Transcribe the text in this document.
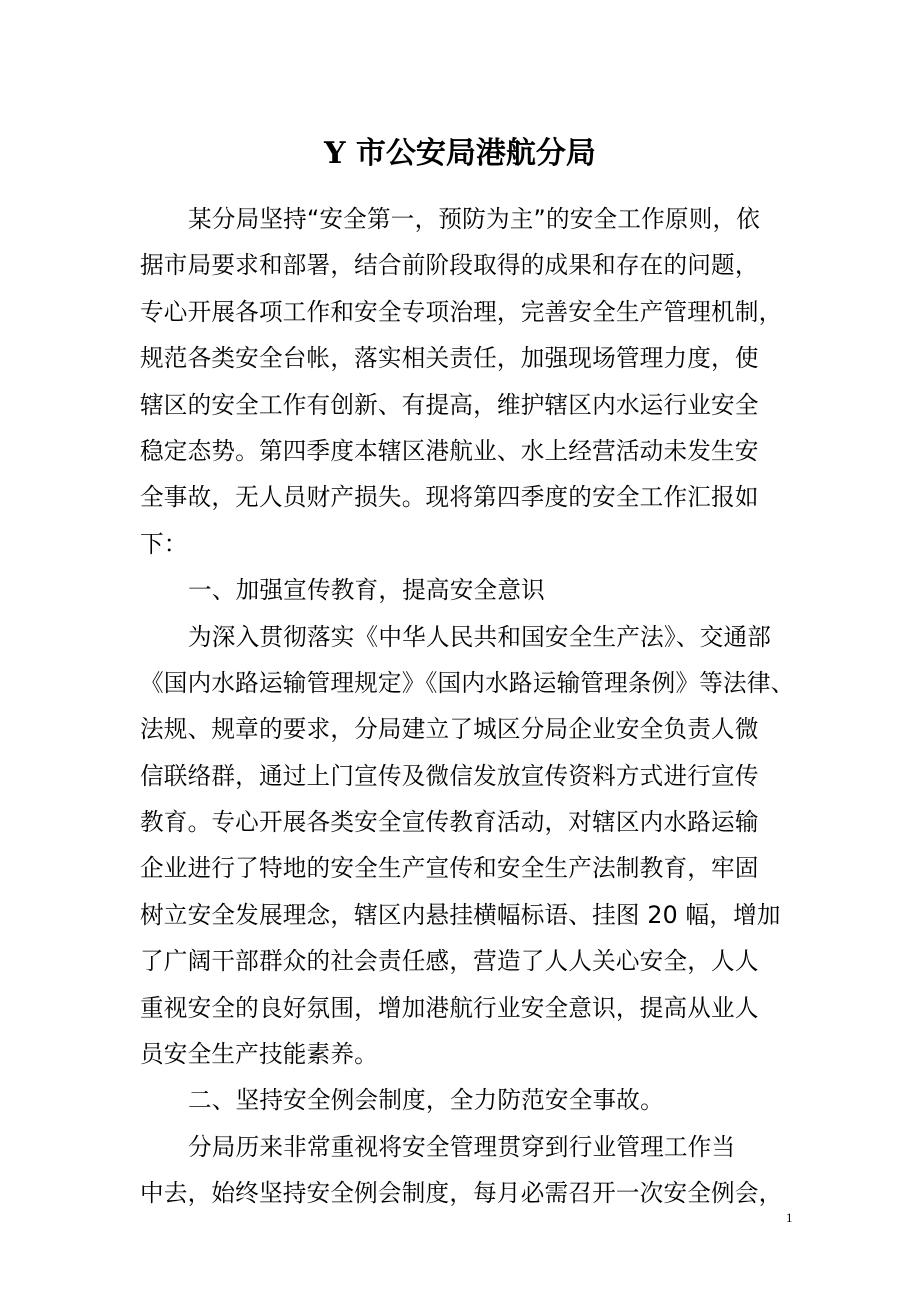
Y 市公安局港航分局
某分局坚持“安全第一，预防为主”的安全工作原则，依
据市局要求和部署，结合前阶段取得的成果和存在的问题，
专心开展各项工作和安全专项治理，完善安全生产管理机制，
规范各类安全台帐，落实相关责任，加强现场管理力度，使
辖区的安全工作有创新、有提高，维护辖区内水运行业安全
稳定态势。第四季度本辖区港航业、水上经营活动未发生安
全事故，无人员财产损失。现将第四季度的安全工作汇报如
下：
一、加强宣传教育，提高安全意识
为深入贯彻落实《中华人民共和国安全生产法》、交通部
《国内水路运输管理规定》《国内水路运输管理条例》等法律、
法规、规章的要求，分局建立了城区分局企业安全负责人微
信联络群，通过上门宣传及微信发放宣传资料方式进行宣传
教育。专心开展各类安全宣传教育活动，对辖区内水路运输
企业进行了特地的安全生产宣传和安全生产法制教育，牢固
树立安全发展理念，辖区内悬挂横幅标语、挂图 20 幅，增加
了广阔干部群众的社会责任感，营造了人人关心安全，人人
重视安全的良好氛围，增加港航行业安全意识，提高从业人
员安全生产技能素养。
二、坚持安全例会制度，全力防范安全事故。
分局历来非常重视将安全管理贯穿到行业管理工作当
中去，始终坚持安全例会制度，每月必需召开一次安全例会，
1
